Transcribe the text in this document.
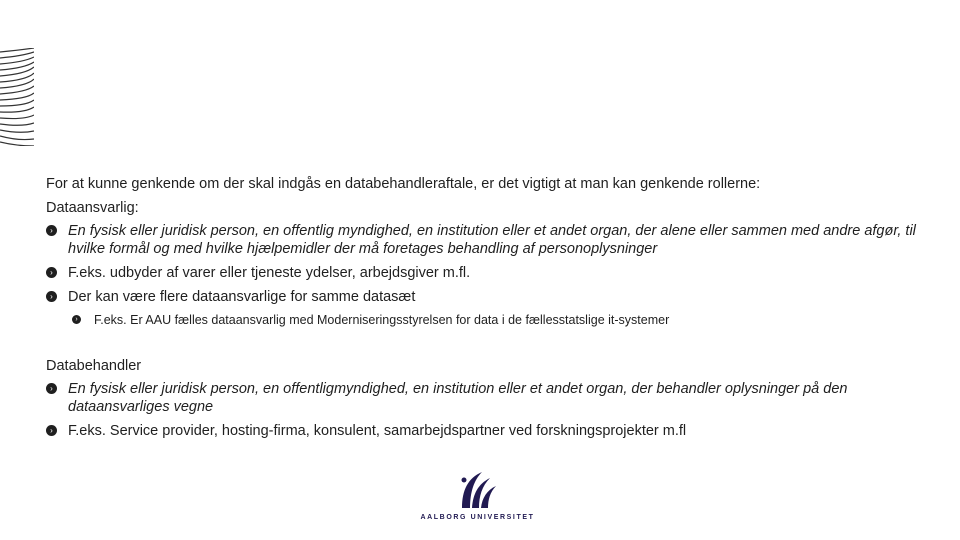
For at kunne genkende om der skal indgås en databehandleraftale, er det vigtigt at man kan genkende rollerne:

Dataansvarlig:

› En fysisk eller juridisk person, en offentlig myndighed, en institution eller et andet organ, der alene eller sammen med andre afgør, til hvilke formål og med hvilke hjælpemidler der må foretages behandling af personoplysninger
› F.eks. udbyder af varer eller tjeneste ydelser, arbejdsgiver m.fl.
› Der kan være flere dataansvarlige for samme datasæt
› F.eks. Er AAU fælles dataansvarlig med Moderniseringsstyrelsen for data i de fællesstatslige it-systemer

Databehandler

› En fysisk eller juridisk person, en offentligmyndighed, en institution eller et andet organ, der behandler oplysninger på den dataansvarliges vegne
› F.eks. Service provider, hosting-firma, konsulent, samarbejdspartner ved forskningsprojekter m.fl
AALBORG UNIVERSITET
